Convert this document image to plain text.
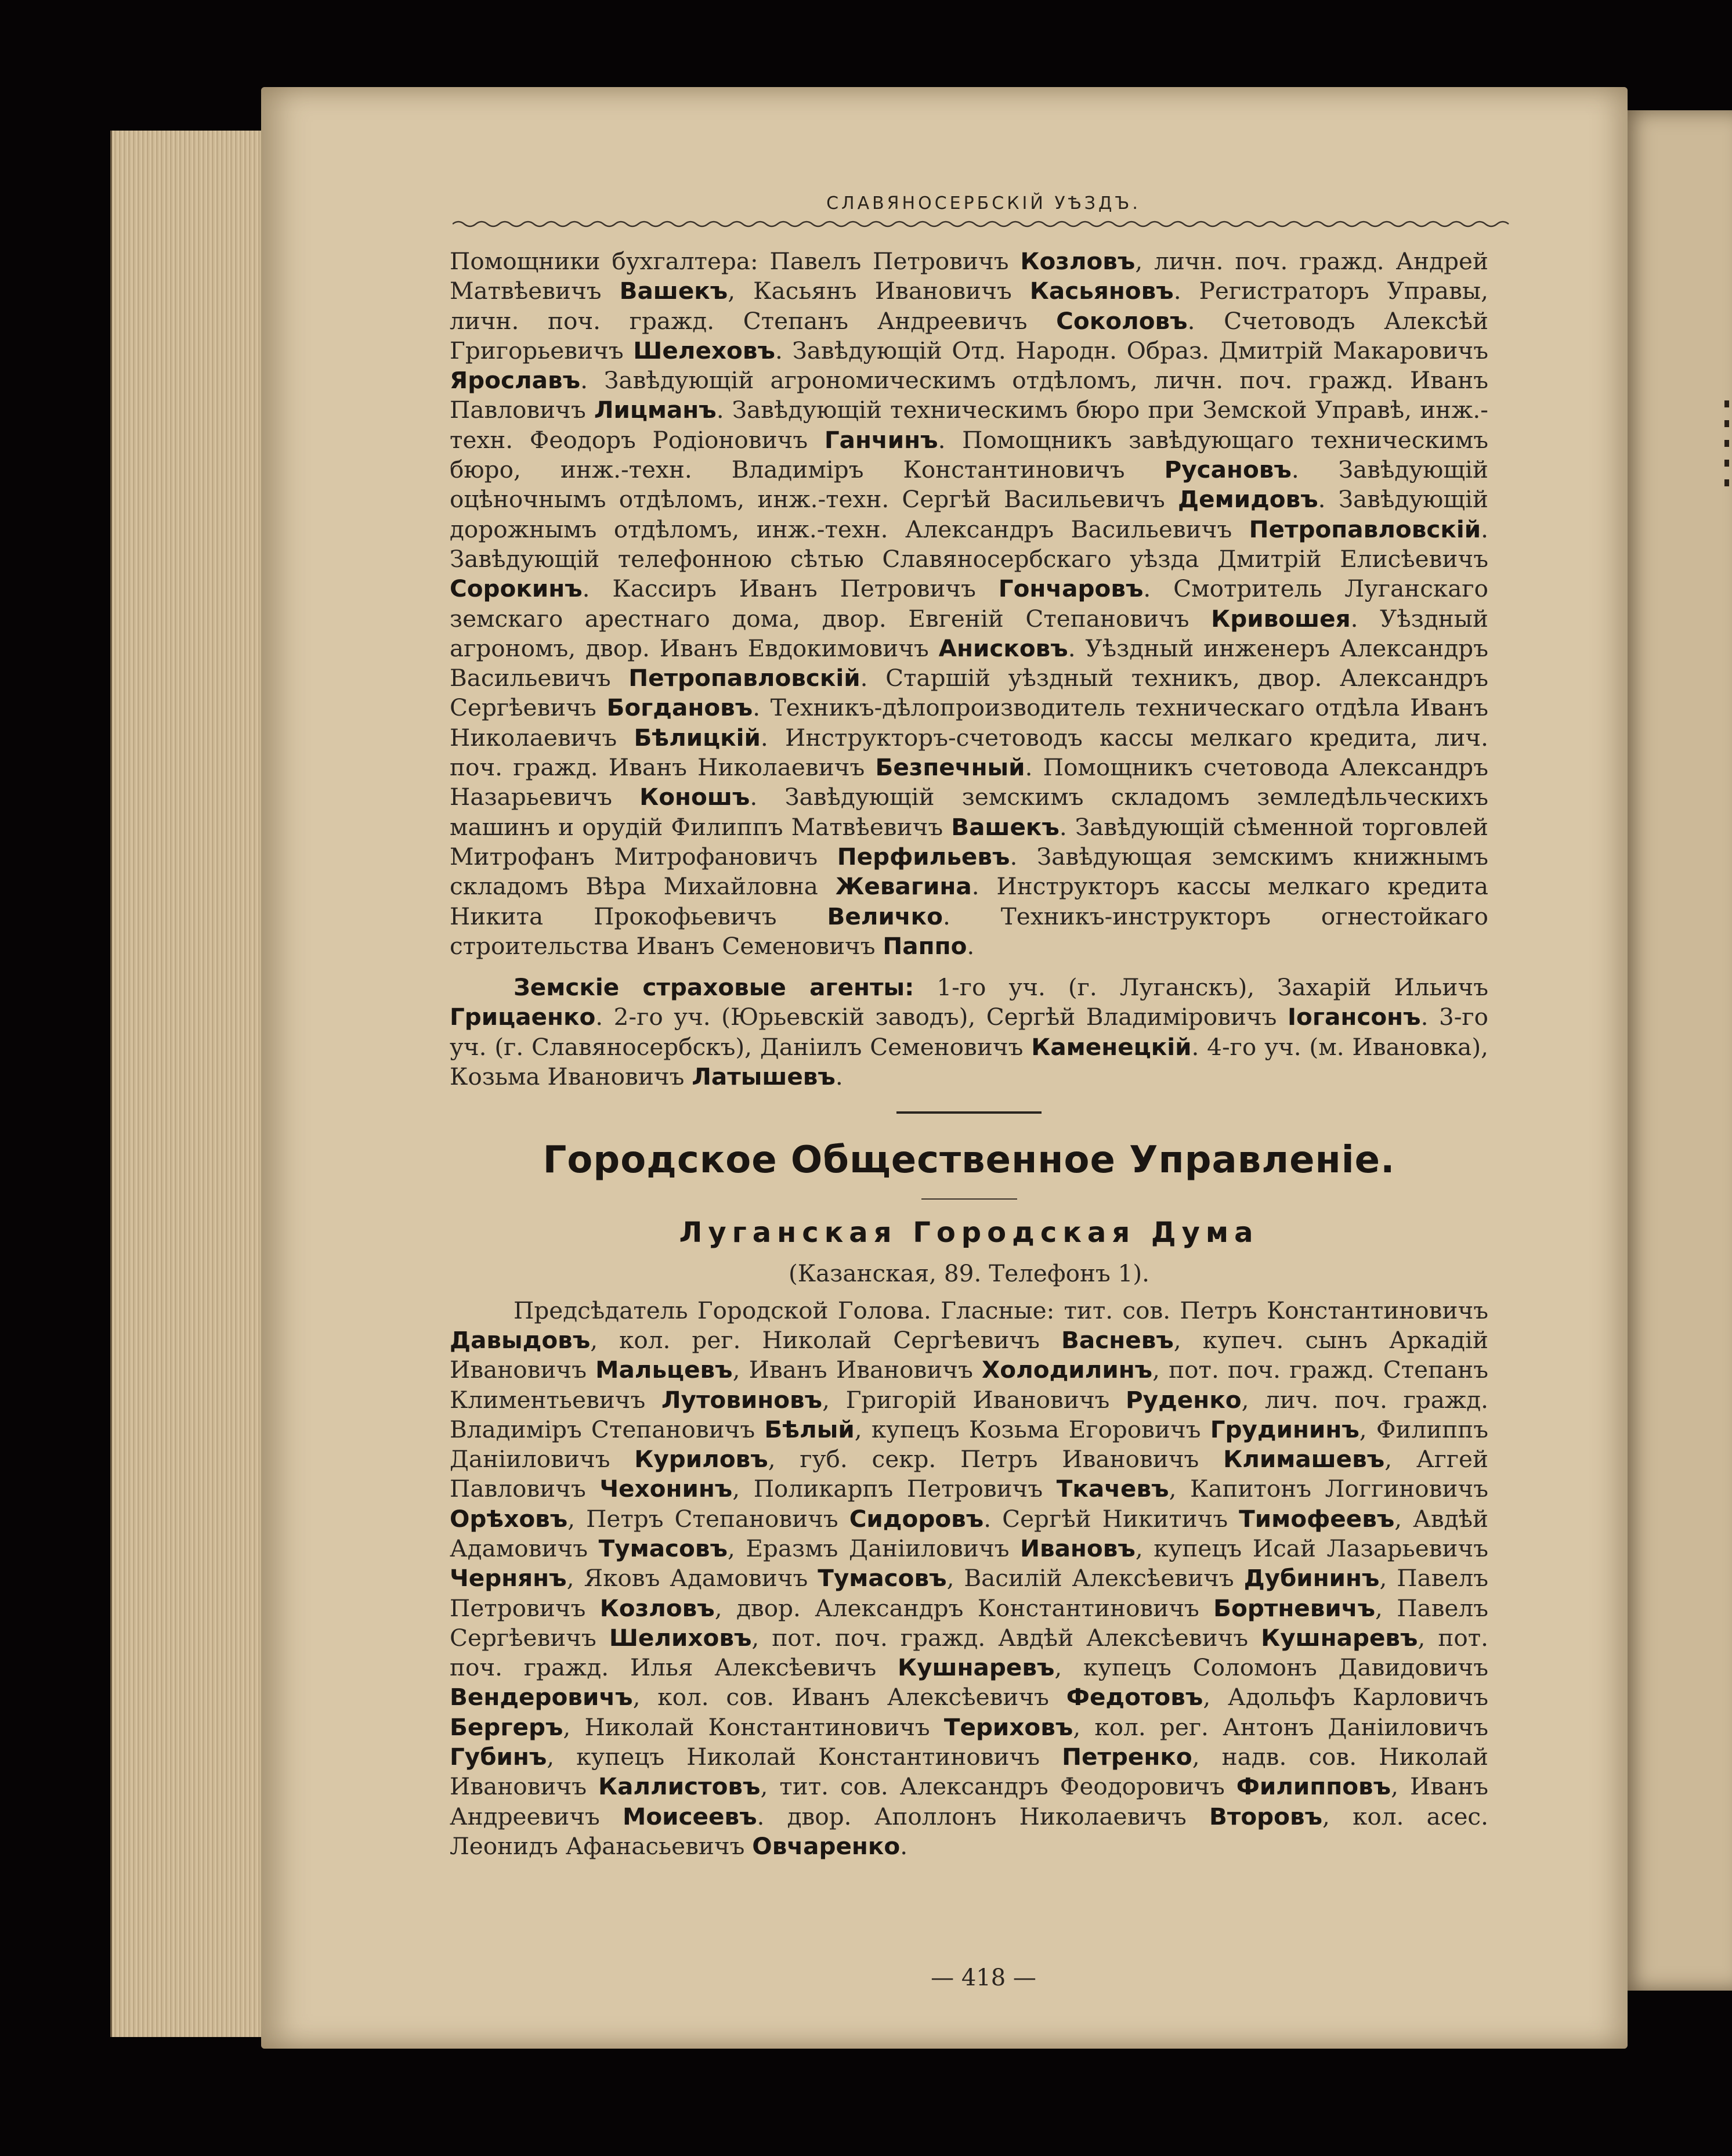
СЛАВЯНОСЕРБСКІЙ УѢЗДЪ.

Помощники бухгалтера: Павелъ Петровичъ Козловъ, личн. поч. гражд. Андрей Матвѣевичъ Вашекъ, Касьянъ Ивановичъ Касьяновъ. Регистраторъ Управы, личн. поч. гражд. Степанъ Андреевичъ Соколовъ. Счетоводъ Алексѣй Григорьевичъ Шелеховъ. Завѣдующій Отд. Народн. Образ. Дмитрій Макаровичъ Ярославъ. Завѣдующій агрономическимъ отдѣломъ, личн. поч. гражд. Иванъ Павловичъ Лицманъ. Завѣдующій техническимъ бюро при Земской Управѣ, инж.-техн. Феодоръ Родіоновичъ Ганчинъ. Помощникъ завѣдующаго техническимъ бюро, инж.-техн. Владиміръ Константиновичъ Русановъ. Завѣдующій оцѣночнымъ отдѣломъ, инж.-техн. Сергѣй Васильевичъ Демидовъ. Завѣдующій дорожнымъ отдѣломъ, инж.-техн. Александръ Васильевичъ Петропавловскій. Завѣдующій телефонною сѣтью Славяносербскаго уѣзда Дмитрій Елисѣевичъ Сорокинъ. Кассиръ Иванъ Петровичъ Гончаровъ. Смотритель Луганскаго земскаго арестнаго дома, двор. Евгеній Степановичъ Кривошея. Уѣздный агрономъ, двор. Иванъ Евдокимовичъ Анисковъ. Уѣздный инженеръ Александръ Васильевичъ Петропавловскій. Старшій уѣздный техникъ, двор. Александръ Сергѣевичъ Богдановъ. Техникъ-дѣлопроизводитель техническаго отдѣла Иванъ Николаевичъ Бѣлицкій. Инструкторъ-счетоводъ кассы мелкаго кредита, лич. поч. гражд. Иванъ Николаевичъ Безпечный. Помощникъ счетовода Александръ Назарьевичъ Коношъ. Завѣдующій земскимъ складомъ земледѣльческихъ машинъ и орудій Филиппъ Матвѣевичъ Вашекъ. Завѣдующій сѣменной торговлей Митрофанъ Митрофановичъ Перфильевъ. Завѣдующая земскимъ книжнымъ складомъ Вѣра Михайловна Жевагина. Инструкторъ кассы мелкаго кредита Никита Прокофьевичъ Величко. Техникъ-инструкторъ огнестойкаго строительства Иванъ Семеновичъ Паппо.

Земскіе страховые агенты: 1-го уч. (г. Луганскъ), Захарій Ильичъ Грицаенко. 2-го уч. (Юрьевскій заводъ), Сергѣй Владиміровичъ Іогансонъ. 3-го уч. (г. Славяносербскъ), Даніилъ Семеновичъ Каменецкій. 4-го уч. (м. Ивановка), Козьма Ивановичъ Латышевъ.

Городское Общественное Управленіе.
Луганская Городская Дума
(Казанская, 89. Телефонъ 1).

Предсѣдатель Городской Голова. Гласные: тит. сов. Петръ Константиновичъ Давыдовъ, кол. рег. Николай Сергѣевичъ Васневъ, купеч. сынъ Аркадій Ивановичъ Мальцевъ, Иванъ Ивановичъ Холодилинъ, пот. поч. гражд. Степанъ Климентьевичъ Лутовиновъ, Григорій Ивановичъ Руденко, лич. поч. гражд. Владиміръ Степановичъ Бѣлый, купецъ Козьма Егоровичъ Грудининъ, Филиппъ Даніиловичъ Куриловъ, губ. секр. Петръ Ивановичъ Климашевъ, Аггей Павловичъ Чехонинъ, Поликарпъ Петровичъ Ткачевъ, Капитонъ Логгиновичъ Орѣховъ, Петръ Степановичъ Сидоровъ. Сергѣй Никитичъ Тимофеевъ, Авдѣй Адамовичъ Тумасовъ, Еразмъ Даніиловичъ Ивановъ, купецъ Исай Лазарьевичъ Чернянъ, Яковъ Адамовичъ Тумасовъ, Василій Алексѣевичъ Дубининъ, Павелъ Петровичъ Козловъ, двор. Александръ Константиновичъ Бортневичъ, Павелъ Сергѣевичъ Шелиховъ, пот. поч. гражд. Авдѣй Алексѣевичъ Кушнаревъ, пот. поч. гражд. Илья Алексѣевичъ Кушнаревъ, купецъ Соломонъ Давидовичъ Вендеровичъ, кол. сов. Иванъ Алексѣевичъ Федотовъ, Адольфъ Карловичъ Бергеръ, Николай Константиновичъ Териховъ, кол. рег. Антонъ Даніиловичъ Губинъ, купецъ Николай Константиновичъ Петренко, надв. сов. Николай Ивановичъ Каллистовъ, тит. сов. Александръ Феодоровичъ Филипповъ, Иванъ Андреевичъ Моисеевъ. двор. Аполлонъ Николаевичъ Второвъ, кол. асес. Леонидъ Афанасьевичъ Овчаренко.

— 418 —
